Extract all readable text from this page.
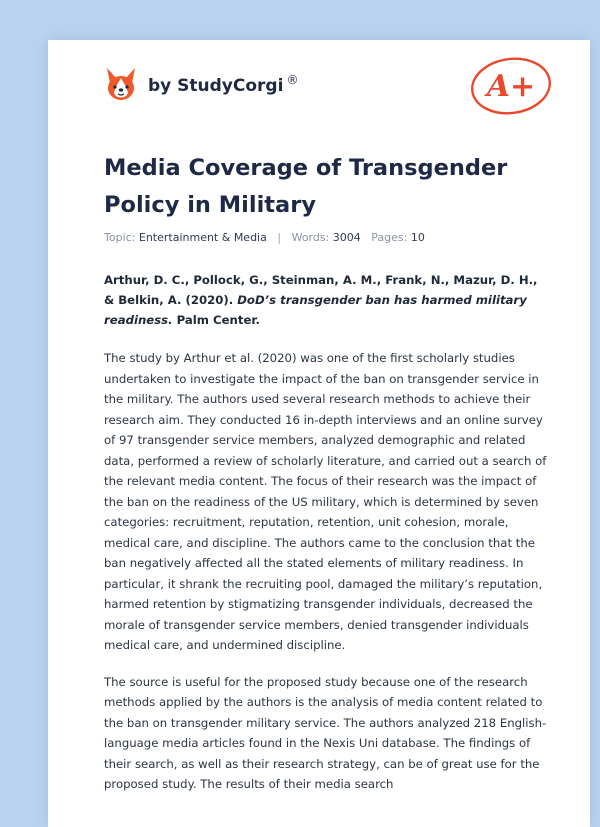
by StudyCorgi ®	A+
Media Coverage of Transgender Policy in Military
Topic: Entertainment & Media | Words: 3004 Pages: 10

Arthur, D. C., Pollock, G., Steinman, A. M., Frank, N., Mazur, D. H., & Belkin, A. (2020). DoD’s transgender ban has harmed military readiness. Palm Center.

The study by Arthur et al. (2020) was one of the first scholarly studies undertaken to investigate the impact of the ban on transgender service in the military. The authors used several research methods to achieve their research aim. They conducted 16 in-depth interviews and an online survey of 97 transgender service members, analyzed demographic and related data, performed a review of scholarly literature, and carried out a search of the relevant media content. The focus of their research was the impact of the ban on the readiness of the US military, which is determined by seven categories: recruitment, reputation, retention, unit cohesion, morale, medical care, and discipline. The authors came to the conclusion that the ban negatively affected all the stated elements of military readiness. In particular, it shrank the recruiting pool, damaged the military’s reputation, harmed retention by stigmatizing transgender individuals, decreased the morale of transgender service members, denied transgender individuals medical care, and undermined discipline.

The source is useful for the proposed study because one of the research methods applied by the authors is the analysis of media content related to the ban on transgender military service. The authors analyzed 218 English-language media articles found in the Nexis Uni database. The findings of their search, as well as their research strategy, can be of great use for the proposed study. The results of their media search
